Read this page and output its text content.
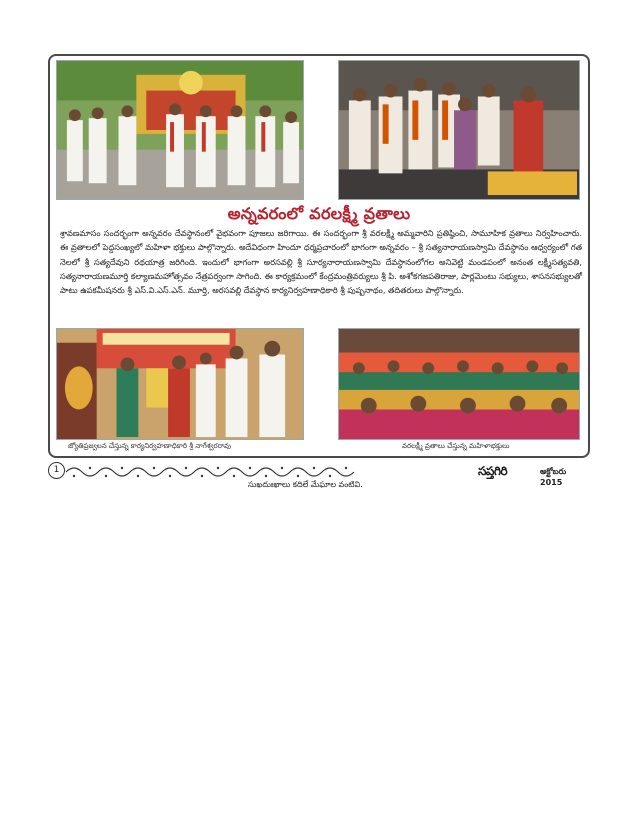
అన్నవరంలో వరలక్ష్మీ వ్రతాలు
శ్రావణమాసం సందర్భంగా అన్నవరం దేవస్థానంలో వైభవంగా పూజలు జరిగాయి. ఈ సందర్భంగా శ్రీ వరలక్ష్మీ అమ్మవారిని ప్రతిష్ఠించి, సామూహిక వ్రతాలు నిర్వహించారు. ఈ వ్రతాలలో పెద్దసంఖ్యలో మహిళా భక్తులు పాల్గొన్నారు. అదేవిధంగా హిందూ ధర్మప్రచారంలో భాగంగా అన్నవరం – శ్రీ సత్యనారాయణస్వామి దేవస్థానం ఆధ్వర్యంలో గత నెలలో శ్రీ సత్యదేవుని రథయాత్ర జరిగింది. ఇందులో భాగంగా అరసవల్లి శ్రీ సూర్యనారాయణస్వామి దేవస్థానంలోగల అనివెట్టి మండపంలో అనంత లక్ష్మీసత్యవతి, సత్యనారాయణమూర్తి కల్యాణమహోత్సవం నేత్రపర్వంగా సాగింది. ఈ కార్యక్రమంలో కేంద్రమంత్రివర్యులు శ్రీ పి. అశోకగజపతిరాజు, పార్లమెంటు సభ్యులు, శాసనసభ్యులతో పాటు ఉపకమీషనరు శ్రీ ఎస్.వి.ఎస్.ఎన్. మూర్తి, అరసవల్లి దేవస్థాన కార్యనిర్వహణాధికారి శ్రీ పుష్పనాథం, తదితరులు పాల్గొన్నారు.
జ్యోతిప్రజ్వలన చేస్తున్న కార్యనిర్వహణాధికారి శ్రీ నాగేశ్వరరావు	వరలక్ష్మీ వ్రతాలు చేస్తున్న మహిళాభక్తులు
1
సుఖదుఃఖాలు కదిలే మేఘాల వంటివి.
సప్తగిరి	అక్టోబరు 2015
